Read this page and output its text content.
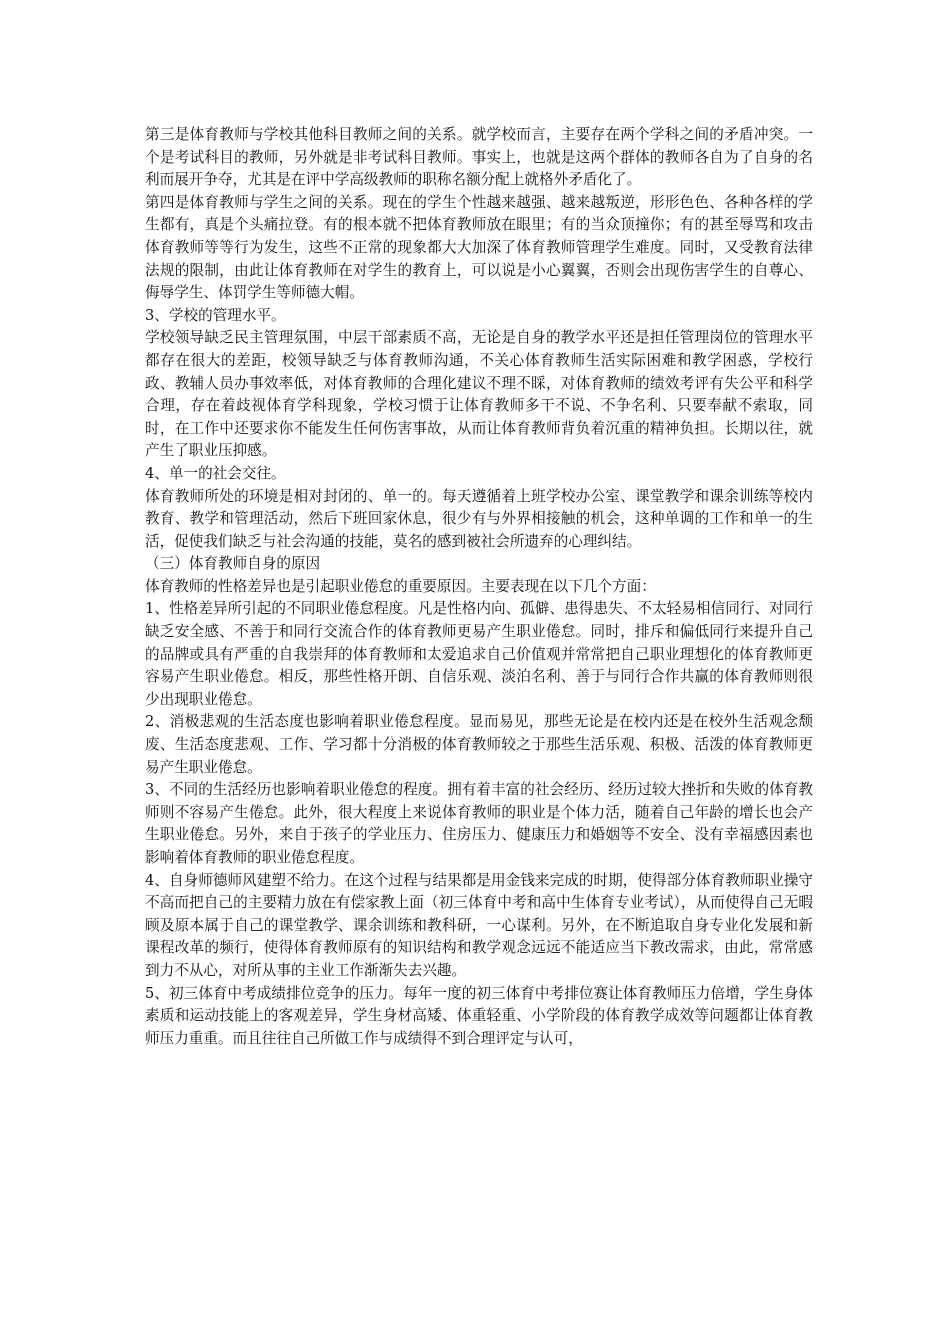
第三是体育教师与学校其他科目教师之间的关系。就学校而言，主要存在两个学科之间的矛盾冲突。一个是考试科目的教师，另外就是非考试科目教师。事实上，也就是这两个群体的教师各自为了自身的名利而展开争夺，尤其是在评中学高级教师的职称名额分配上就格外矛盾化了。

第四是体育教师与学生之间的关系。现在的学生个性越来越强、越来越叛逆，形形色色、各种各样的学生都有，真是个头痛拉登。有的根本就不把体育教师放在眼里；有的当众顶撞你；有的甚至辱骂和攻击体育教师等等行为发生，这些不正常的现象都大大加深了体育教师管理学生难度。同时，又受教育法律法规的限制，由此让体育教师在对学生的教育上，可以说是小心翼翼，否则会出现伤害学生的自尊心、侮辱学生、体罚学生等师德大帽。

3、学校的管理水平。

学校领导缺乏民主管理氛围，中层干部素质不高，无论是自身的教学水平还是担任管理岗位的管理水平都存在很大的差距，校领导缺乏与体育教师沟通，不关心体育教师生活实际困难和教学困惑，学校行政、教辅人员办事效率低，对体育教师的合理化建议不理不睬，对体育教师的绩效考评有失公平和科学合理，存在着歧视体育学科现象，学校习惯于让体育教师多干不说、不争名利、只要奉献不索取，同时，在工作中还要求你不能发生任何伤害事故，从而让体育教师背负着沉重的精神负担。长期以往，就产生了职业压抑感。

4、单一的社会交往。

体育教师所处的环境是相对封闭的、单一的。每天遵循着上班学校办公室、课堂教学和课余训练等校内教育、教学和管理活动，然后下班回家休息，很少有与外界相接触的机会，这种单调的工作和单一的生活，促使我们缺乏与社会沟通的技能，莫名的感到被社会所遗弃的心理纠结。

（三）体育教师自身的原因

体育教师的性格差异也是引起职业倦怠的重要原因。主要表现在以下几个方面：

1、性格差异所引起的不同职业倦怠程度。凡是性格内向、孤僻、患得患失、不太轻易相信同行、对同行缺乏安全感、不善于和同行交流合作的体育教师更易产生职业倦怠。同时，排斥和偏低同行来提升自己的品牌或具有严重的自我崇拜的体育教师和太爱追求自己价值观并常常把自己职业理想化的体育教师更容易产生职业倦怠。相反，那些性格开朗、自信乐观、淡泊名利、善于与同行合作共赢的体育教师则很少出现职业倦怠。

2、消极悲观的生活态度也影响着职业倦怠程度。显而易见，那些无论是在校内还是在校外生活观念颓废、生活态度悲观、工作、学习都十分消极的体育教师较之于那些生活乐观、积极、活泼的体育教师更易产生职业倦怠。

3、不同的生活经历也影响着职业倦怠的程度。拥有着丰富的社会经历、经历过较大挫折和失败的体育教师则不容易产生倦怠。此外，很大程度上来说体育教师的职业是个体力活，随着自己年龄的增长也会产生职业倦怠。另外，来自于孩子的学业压力、住房压力、健康压力和婚姻等不安全、没有幸福感因素也影响着体育教师的职业倦怠程度。

4、自身师德师风建塑不给力。在这个过程与结果都是用金钱来完成的时期，使得部分体育教师职业操守不高而把自己的主要精力放在有偿家教上面（初三体育中考和高中生体育专业考试），从而使得自己无暇顾及原本属于自己的课堂教学、课余训练和教科研，一心谋利。另外，在不断追取自身专业化发展和新课程改革的频行，使得体育教师原有的知识结构和教学观念远远不能适应当下教改需求，由此，常常感到力不从心，对所从事的主业工作渐渐失去兴趣。

5、初三体育中考成绩排位竞争的压力。每年一度的初三体育中考排位赛让体育教师压力倍增，学生身体素质和运动技能上的客观差异，学生身材高矮、体重轻重、小学阶段的体育教学成效等问题都让体育教师压力重重。而且往往自己所做工作与成绩得不到合理评定与认可，
